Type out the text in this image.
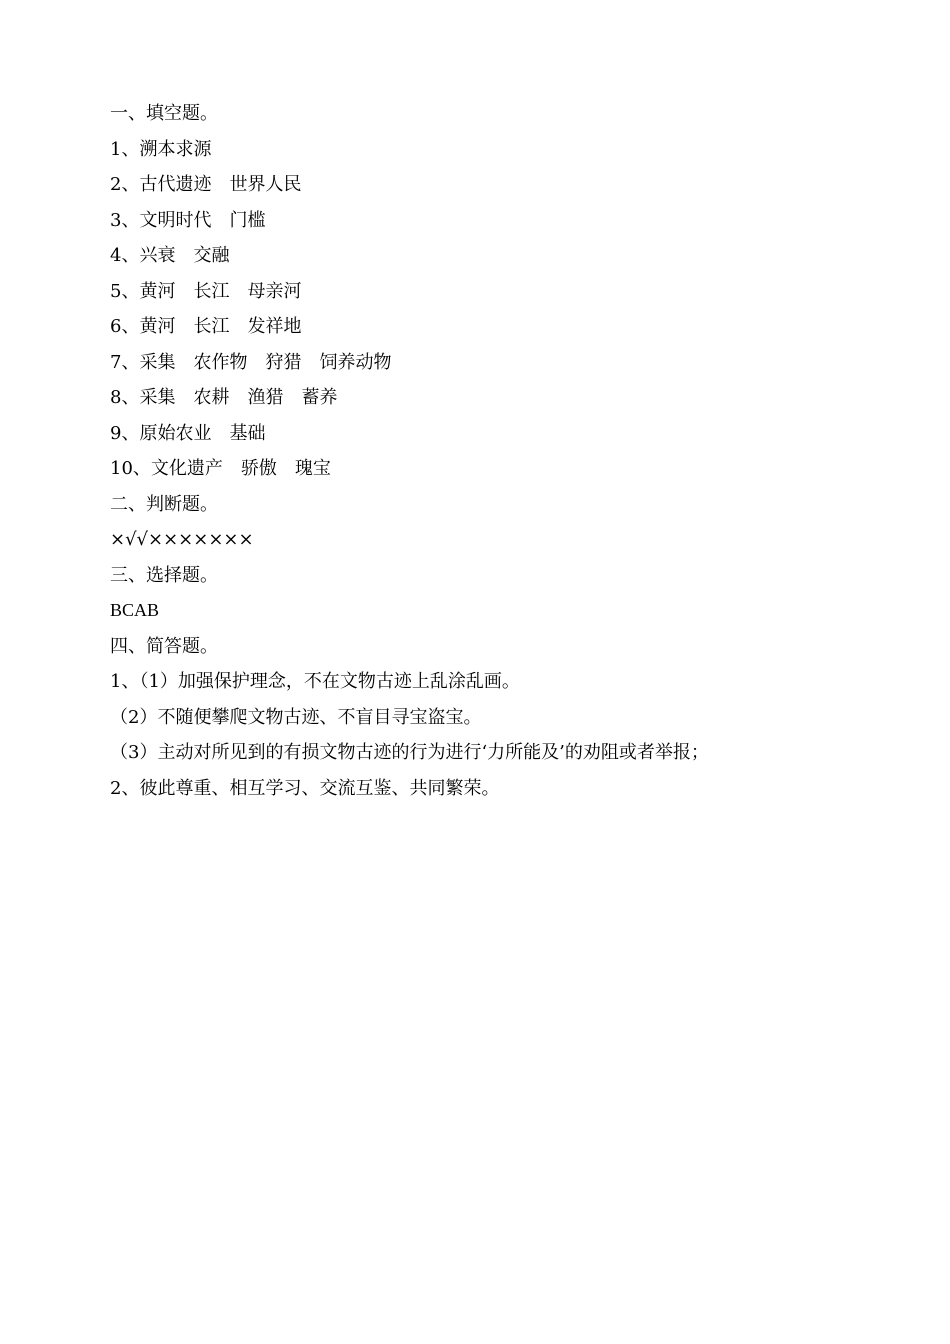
一、填空题。
1、溯本求源
2、古代遗迹　世界人民
3、文明时代　门槛
4、兴衰　交融
5、黄河　长江　母亲河
6、黄河　长江　发祥地
7、采集　农作物　狩猎　饲养动物
8、采集　农耕　渔猎　蓄养
9、原始农业　基础
10、文化遗产　骄傲　瑰宝
二、判断题。
×√√×××××××
三、选择题。
BCAB
四、简答题。
1、（1）加强保护理念，不在文物古迹上乱涂乱画。
（2）不随便攀爬文物古迹、不盲目寻宝盗宝。
（3）主动对所见到的有损文物古迹的行为进行‘力所能及’的劝阻或者举报；
2、彼此尊重、相互学习、交流互鉴、共同繁荣。
